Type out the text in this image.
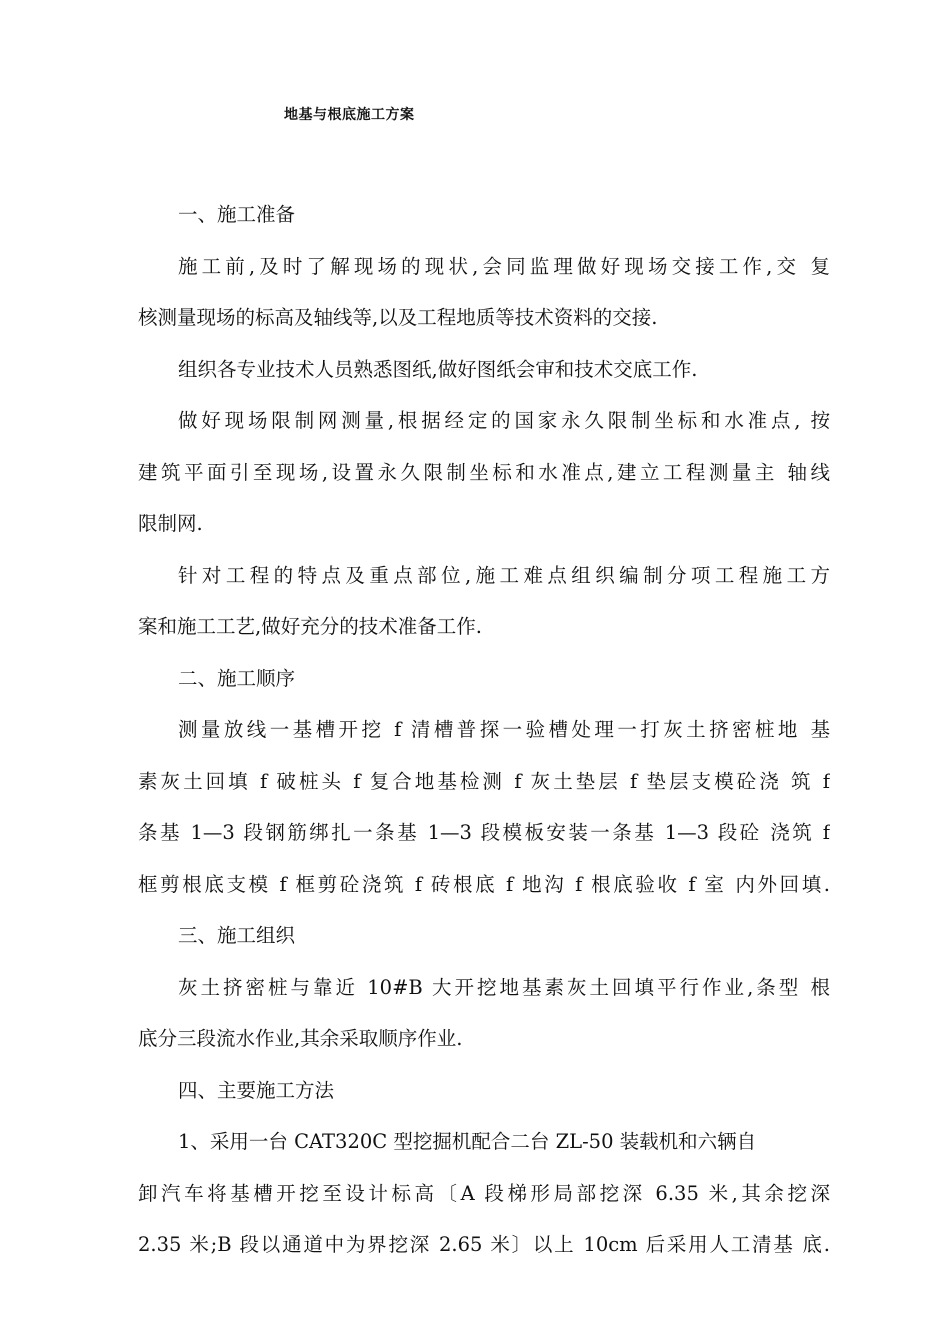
地基与根底施工方案
一、施工准备
施工前,及时了解现场的现状,会同监理做好现场交接工作,交 复
核测量现场的标高及轴线等,以及工程地质等技术资料的交接.
组织各专业技术人员熟悉图纸,做好图纸会审和技术交底工作.
做好现场限制网测量,根据经定的国家永久限制坐标和水准点, 按
建筑平面引至现场,设置永久限制坐标和水准点,建立工程测量主 轴线
限制网.
针对工程的特点及重点部位,施工难点组织编制分项工程施工方
案和施工工艺,做好充分的技术准备工作.
二、施工顺序
测量放线一基槽开挖 f 清槽普探一验槽处理一打灰土挤密桩地 基
素灰土回填 f 破桩头 f 复合地基检测 f 灰土垫层 f 垫层支模砼浇 筑 f
条基 1—3 段钢筋绑扎一条基 1—3 段模板安装一条基 1—3 段砼 浇筑 f
框剪根底支模 f 框剪砼浇筑 f 砖根底 f 地沟 f 根底验收 f 室 内外回填.
三、施工组织
灰土挤密桩与靠近 10#B 大开挖地基素灰土回填平行作业,条型 根
底分三段流水作业,其余采取顺序作业.
四、主要施工方法
1、采用一台 CAT320C 型挖掘机配合二台 ZL-50 装载机和六辆自
卸汽车将基槽开挖至设计标高〔A 段梯形局部挖深 6.35 米,其余挖深
2.35 米;B 段以通道中为界挖深 2.65 米〕以上 10cm 后采用人工清基 底.
